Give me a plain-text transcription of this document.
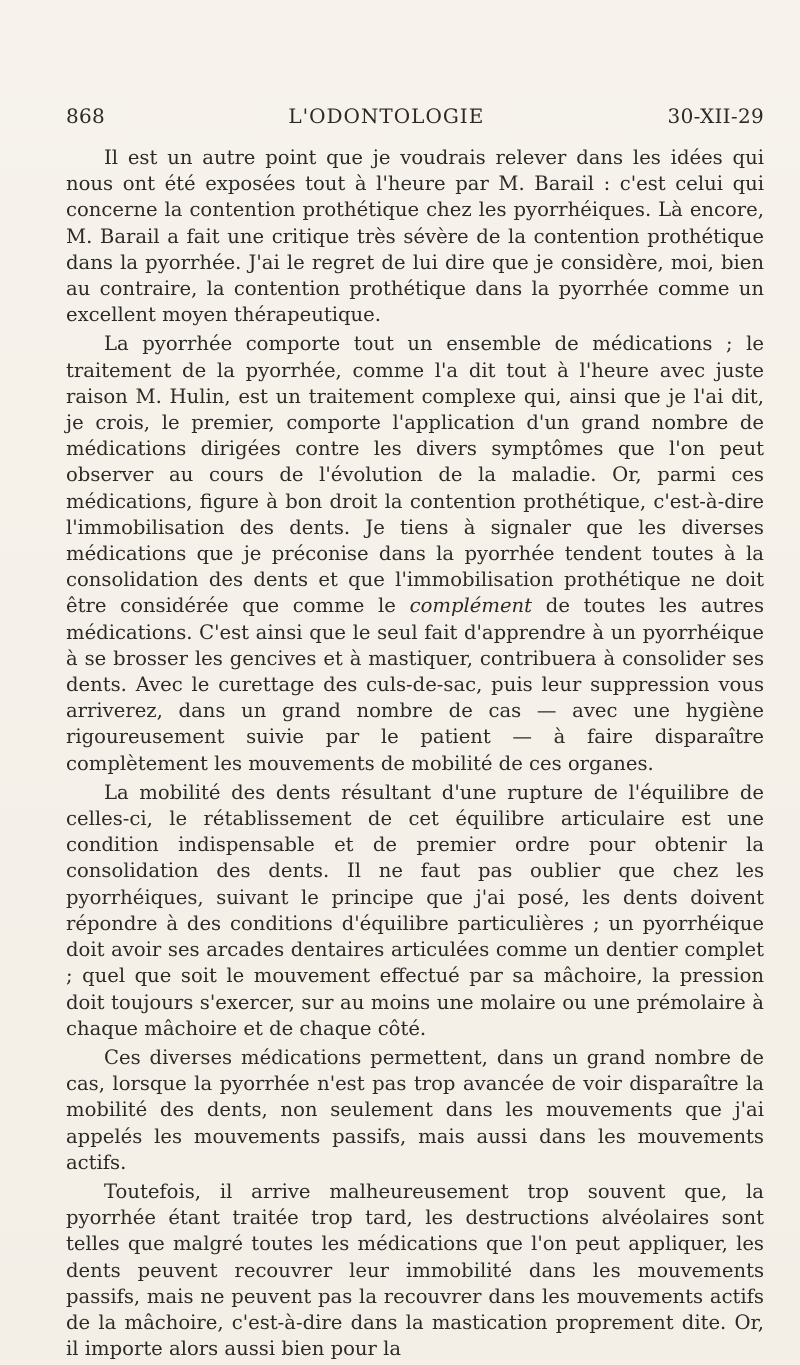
868	L'ODONTOLOGIE	30-XII-29

Il est un autre point que je voudrais relever dans les idées qui nous ont été exposées tout à l'heure par M. Barail : c'est celui qui concerne la contention prothétique chez les pyorrhéiques. Là encore, M. Barail a fait une critique très sévère de la contention prothétique dans la pyorrhée. J'ai le regret de lui dire que je considère, moi, bien au contraire, la contention prothétique dans la pyorrhée comme un excellent moyen thérapeutique.

La pyorrhée comporte tout un ensemble de médications ; le traitement de la pyorrhée, comme l'a dit tout à l'heure avec juste raison M. Hulin, est un traitement complexe qui, ainsi que je l'ai dit, je crois, le premier, comporte l'application d'un grand nombre de médications dirigées contre les divers symptômes que l'on peut observer au cours de l'évolution de la maladie. Or, parmi ces médications, figure à bon droit la contention prothétique, c'est-à-dire l'immobilisation des dents. Je tiens à signaler que les diverses médications que je préconise dans la pyorrhée tendent toutes à la consolidation des dents et que l'immobilisation prothétique ne doit être considérée que comme le complément de toutes les autres médications. C'est ainsi que le seul fait d'apprendre à un pyorrhéique à se brosser les gencives et à mastiquer, contribuera à consolider ses dents. Avec le curettage des culs-de-sac, puis leur suppression vous arriverez, dans un grand nombre de cas — avec une hygiène rigoureusement suivie par le patient — à faire disparaître complètement les mouvements de mobilité de ces organes.

La mobilité des dents résultant d'une rupture de l'équilibre de celles-ci, le rétablissement de cet équilibre articulaire est une condition indispensable et de premier ordre pour obtenir la consolidation des dents. Il ne faut pas oublier que chez les pyorrhéiques, suivant le principe que j'ai posé, les dents doivent répondre à des conditions d'équilibre particulières ; un pyorrhéique doit avoir ses arcades dentaires articulées comme un dentier complet ; quel que soit le mouvement effectué par sa mâchoire, la pression doit toujours s'exercer, sur au moins une molaire ou une prémolaire à chaque mâchoire et de chaque côté.

Ces diverses médications permettent, dans un grand nombre de cas, lorsque la pyorrhée n'est pas trop avancée de voir disparaître la mobilité des dents, non seulement dans les mouvements que j'ai appelés les mouvements passifs, mais aussi dans les mouvements actifs.

Toutefois, il arrive malheureusement trop souvent que, la pyorrhée étant traitée trop tard, les destructions alvéolaires sont telles que malgré toutes les médications que l'on peut appliquer, les dents peuvent recouvrer leur immobilité dans les mouvements passifs, mais ne peuvent pas la recouvrer dans les mouvements actifs de la mâchoire, c'est-à-dire dans la mastication proprement dite. Or, il importe alors aussi bien pour la
